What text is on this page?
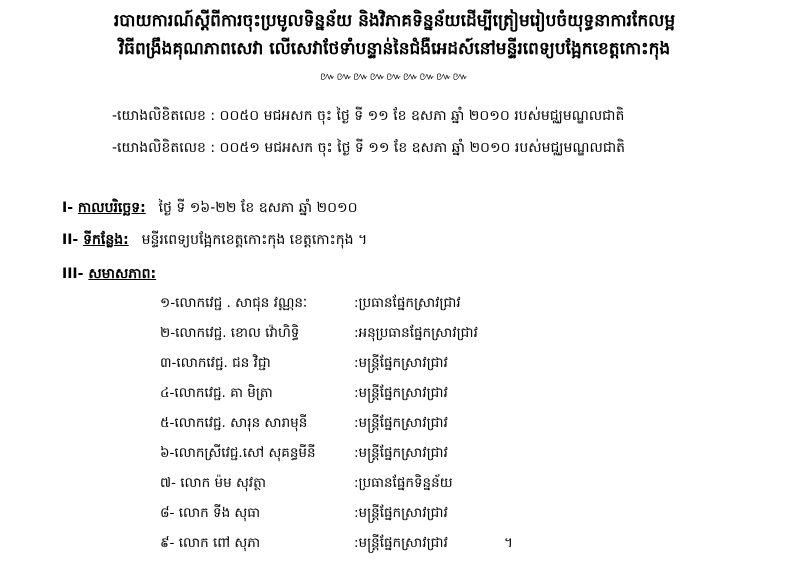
របាយការណ៍ស្តីពីការចុះប្រមូលទិន្នន័យ និងវិភាគទិន្នន័យដើម្បីត្រៀមរៀបចំយុទ្ធនាការកែលម្អ
វិធីពង្រឹងគុណភាពសេវា លើសេវាថែទាំបន្ទាន់នៃជំងឺអេដស៍នៅមន្ទីរពេទ្យបង្អែកខេត្តកោះកុង
៚៚៚៚៚៚៚៚៚
-យោងលិខិតលេខ : ០០៥០ មជអសក ចុះ ថ្ងៃ ទី ១១ ខែ ឧសភា ឆ្នាំ ២០១០ របស់មជ្ឈមណ្ឌលជាតិ
-យោងលិខិតលេខ : ០០៥១ មជអសក ចុះ ថ្ងៃ ទី ១១ ខែ ឧសភា ឆ្នាំ ២០១០ របស់មជ្ឈមណ្ឌលជាតិ
I- កាលបរិច្ឆេទ: ថ្ងៃ ទី ១៦-២២ ខែ ឧសភា ឆ្នាំ ២០១០
II- ទីកន្លែង: មន្ទីរពេទ្យបង្អែកខេត្តកោះកុង ខេត្តកោះកុង ។
III- សមាសភាព:
១-លោកវេជ្ជ . សាជុន វណ្ណនៈ	:ប្រធានផ្នែកស្រាវជ្រាវ
២-លោកវេជ្ជ. ខោល វ៉ោហិទ្ធិ	:អនុប្រធានផ្នែកស្រាវជ្រាវ
៣-លោកវេជ្ជ. ជន វិជ្ជា	:មន្ត្រីផ្នែកស្រាវជ្រាវ
៤-លោកវេជ្ជ. គា មិត្រា	:មន្ត្រីផ្នែកស្រាវជ្រាវ
៥-លោកវេជ្ជ. សារុន សារាមុនី	:មន្ត្រីផ្នែកស្រាវជ្រាវ
៦-លោកស្រីវេជ្ជ.សៅ សុគន្ធមីនី	:មន្ត្រីផ្នែកស្រាវជ្រាវ
៧- លោក ម៉ម សុវត្ថា	:ប្រធានផ្នែកទិន្នន័យ
៨- លោក ទីង សុធា	:មន្ត្រីផ្នែកស្រាវជ្រាវ
៩- លោក ពៅ សុភា	:មន្ត្រីផ្នែកស្រាវជ្រាវ	។
